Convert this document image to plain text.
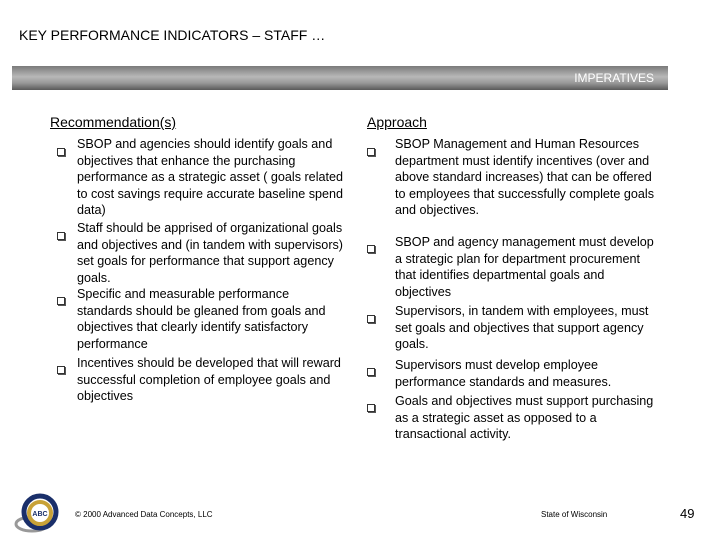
KEY PERFORMANCE INDICATORS – STAFF …
IMPERATIVES
Recommendation(s)	Approach
SBOP and agencies should identify goals and objectives that enhance the purchasing performance as a strategic asset ( goals related to cost savings require accurate baseline spend data)
Staff should be apprised of organizational goals and objectives and (in tandem with supervisors) set goals for performance that support agency goals.
Specific and measurable performance standards should be gleaned from goals and objectives that clearly identify satisfactory performance
Incentives should be developed that will reward successful completion of employee goals and objectives
SBOP Management and Human Resources department must identify incentives (over and above standard increases) that can be offered to employees that successfully complete goals and objectives.
SBOP and agency management must develop a strategic plan for department procurement that identifies departmental goals and objectives
Supervisors, in tandem with employees, must set goals and objectives that support agency goals.
Supervisors must develop employee performance standards and measures.
Goals and objectives must support purchasing as a strategic asset as opposed to a transactional activity.
ABC	© 2000 Advanced Data Concepts, LLC	State of Wisconsin	49
